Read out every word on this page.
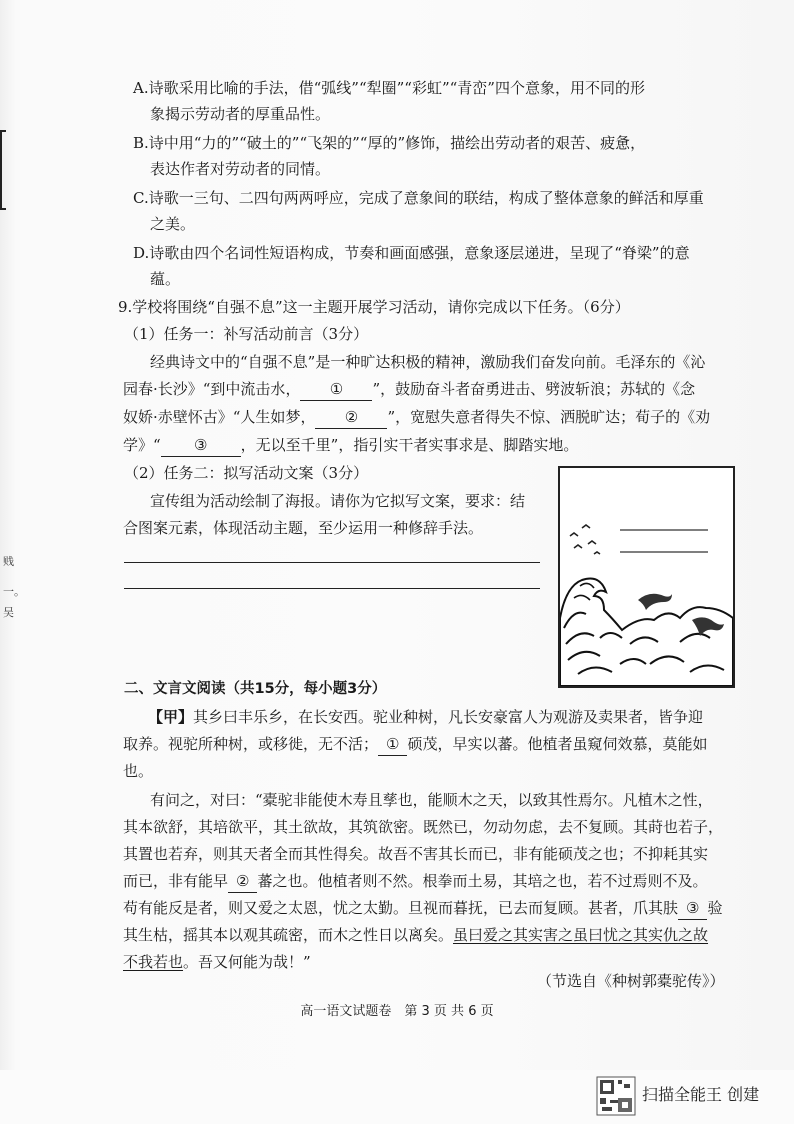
贱
一。
吴
A.诗歌采用比喻的手法，借“弧线”“犁圈”“彩虹”“青峦”四个意象，用不同的形
象揭示劳动者的厚重品性。
B.诗中用“力的”“破土的”“飞架的”“厚的”修饰，描绘出劳动者的艰苦、疲惫，
表达作者对劳动者的同情。
C.诗歌一三句、二四句两两呼应，完成了意象间的联结，构成了整体意象的鲜活和厚重
之美。
D.诗歌由四个名词性短语构成，节奏和画面感强，意象逐层递进，呈现了“脊梁”的意
蕴。
9.学校将围绕“自强不息”这一主题开展学习活动，请你完成以下任务。（6分）
（1）任务一：补写活动前言（3分）
经典诗文中的“自强不息”是一种旷达积极的精神，激励我们奋发向前。毛泽东的《沁
园春·长沙》“到中流击水， ① ”，鼓励奋斗者奋勇进击、劈波斩浪；苏轼的《念
奴娇·赤壁怀古》“人生如梦， ② ”，宽慰失意者得失不惊、洒脱旷达；荀子的《劝
学》“ ③ ，无以至千里”，指引实干者实事求是、脚踏实地。
（2）任务二：拟写活动文案（3分）
宣传组为活动绘制了海报。请你为它拟写文案，要求：结
合图案元素，体现活动主题，至少运用一种修辞手法。
二、文言文阅读（共15分，每小题3分）
【甲】其乡曰丰乐乡，在长安西。驼业种树，凡长安豪富人为观游及卖果者，皆争迎
取养。视驼所种树，或移徙，无不活； ① 硕茂，早实以蕃。他植者虽窥伺效慕，莫能如
也。
有问之，对曰：“橐驼非能使木寿且孳也，能顺木之天，以致其性焉尔。凡植木之性，
其本欲舒，其培欲平，其土欲故，其筑欲密。既然已，勿动勿虑，去不复顾。其莳也若子，
其置也若弃，则其天者全而其性得矣。故吾不害其长而已，非有能硕茂之也；不抑耗其实
而已，非有能早 ② 蕃之也。他植者则不然。根拳而土易，其培之也，若不过焉则不及。
苟有能反是者，则又爱之太恩，忧之太勤。旦视而暮抚，已去而复顾。甚者，爪其肤 ③ 验
其生枯，摇其本以观其疏密，而木之性日以离矣。虽曰爱之其实害之虽曰忧之其实仇之故
不我若也。吾又何能为哉！”
（节选自《种树郭橐驼传》）
高一语文试题卷　第 3 页 共 6 页
扫描全能王 创建
